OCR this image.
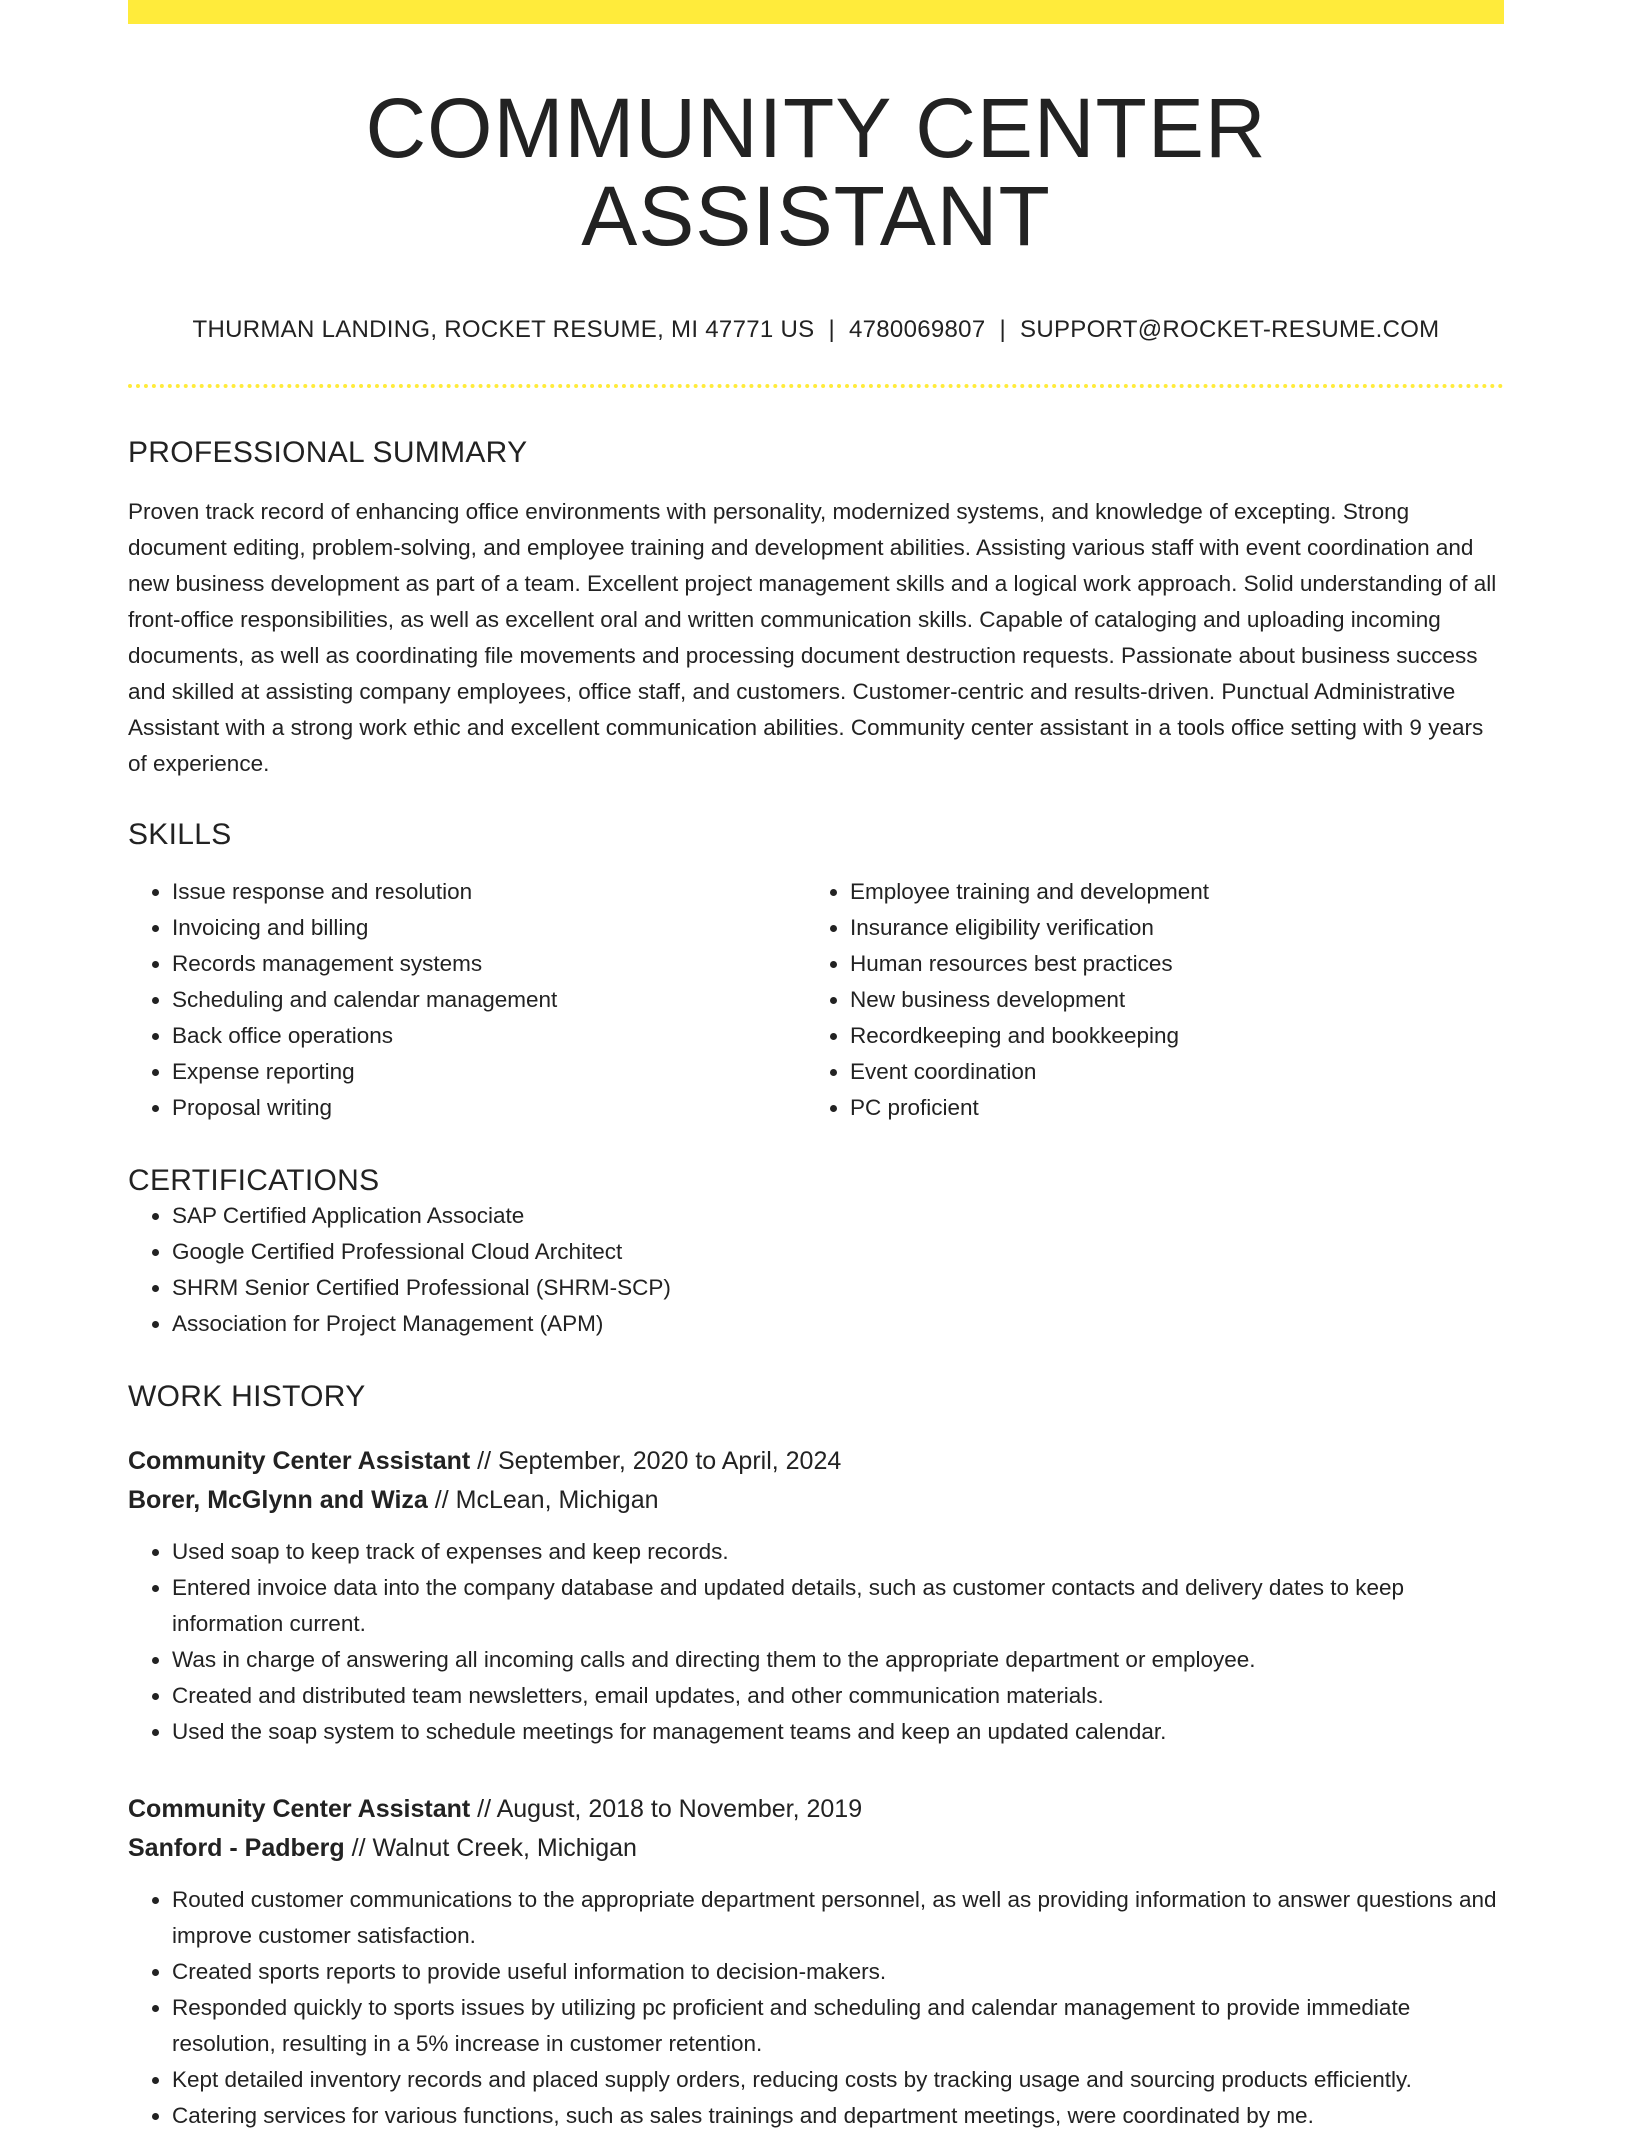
COMMUNITY CENTER ASSISTANT
THURMAN LANDING, ROCKET RESUME, MI 47771 US | 4780069807 | SUPPORT@ROCKET-RESUME.COM
PROFESSIONAL SUMMARY

Proven track record of enhancing office environments with personality, modernized systems, and knowledge of excepting. Strong document editing, problem-solving, and employee training and development abilities. Assisting various staff with event coordination and new business development as part of a team. Excellent project management skills and a logical work approach. Solid understanding of all front-office responsibilities, as well as excellent oral and written communication skills. Capable of cataloging and uploading incoming documents, as well as coordinating file movements and processing document destruction requests. Passionate about business success and skilled at assisting company employees, office staff, and customers. Customer-centric and results-driven. Punctual Administrative Assistant with a strong work ethic and excellent communication abilities. Community center assistant in a tools office setting with 9 years of experience.

SKILLS
• Issue response and resolution
• Invoicing and billing
• Records management systems
• Scheduling and calendar management
• Back office operations
• Expense reporting
• Proposal writing
• Employee training and development
• Insurance eligibility verification
• Human resources best practices
• New business development
• Recordkeeping and bookkeeping
• Event coordination
• PC proficient
CERTIFICATIONS
• SAP Certified Application Associate
• Google Certified Professional Cloud Architect
• SHRM Senior Certified Professional (SHRM-SCP)
• Association for Project Management (APM)
WORK HISTORY
Community Center Assistant // September, 2020 to April, 2024
Borer, McGlynn and Wiza // McLean, Michigan
• Used soap to keep track of expenses and keep records.
• Entered invoice data into the company database and updated details, such as customer contacts and delivery dates to keep information current.
• Was in charge of answering all incoming calls and directing them to the appropriate department or employee.
• Created and distributed team newsletters, email updates, and other communication materials.
• Used the soap system to schedule meetings for management teams and keep an updated calendar.
Community Center Assistant // August, 2018 to November, 2019
Sanford - Padberg // Walnut Creek, Michigan
• Routed customer communications to the appropriate department personnel, as well as providing information to answer questions and improve customer satisfaction.
• Created sports reports to provide useful information to decision-makers.
• Responded quickly to sports issues by utilizing pc proficient and scheduling and calendar management to provide immediate resolution, resulting in a 5% increase in customer retention.
• Kept detailed inventory records and placed supply orders, reducing costs by tracking usage and sourcing products efficiently.
• Catering services for various functions, such as sales trainings and department meetings, were coordinated by me.
